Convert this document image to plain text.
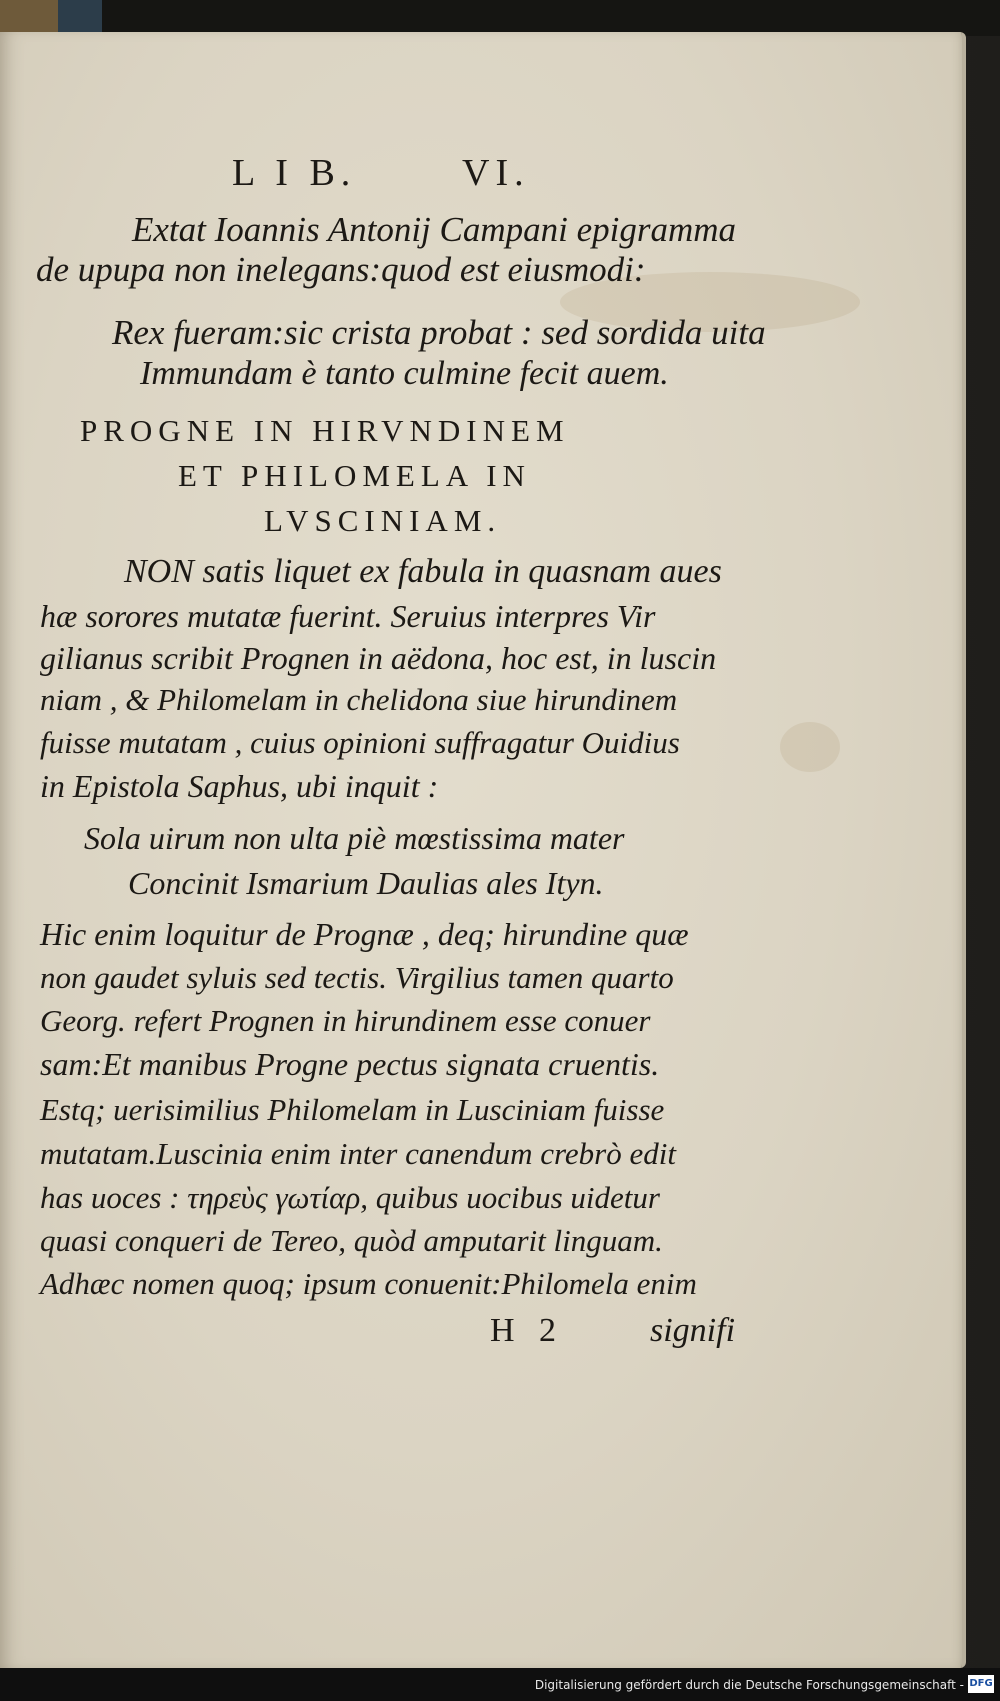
L I B.	VI.
Extat Ioannis Antonij Campani epigramma
de upupa non inelegans:quod est eiusmodi:
Rex fueram:sic crista probat : sed sordida uita
Immundam è tanto culmine fecit auem.
PROGNE IN HIRVNDINEM
ET PHILOMELA IN
LVSCINIAM.
NON satis liquet ex fabula in quasnam aues
hæ sorores mutatæ fuerint. Seruius interpres Vir
gilianus scribit Prognen in aëdona, hoc est, in luscin
niam , & Philomelam in chelidona siue hirundinem
fuisse mutatam , cuius opinioni suffragatur Ouidius
in Epistola Saphus, ubi inquit :
Sola uirum non ulta piè mœstissima mater
Concinit Ismarium Daulias ales Ityn.
Hic enim loquitur de Prognæ , deq; hirundine quæ
non gaudet syluis sed tectis. Virgilius tamen quarto
Georg. refert Prognen in hirundinem esse conuer
sam:Et manibus Progne pectus signata cruentis.
Estq; uerisimilius Philomelam in Lusciniam fuisse
mutatam.Luscinia enim inter canendum crebrò edit
has uoces : τηρεὺς γωτίαρ, quibus uocibus uidetur
quasi conqueri de Tereo, quòd amputarit linguam.
Adhæc nomen quoq; ipsum conuenit:Philomela enim
H 2	signifi
Digitalisierung gefördert durch die Deutsche Forschungsgemeinschaft - DFG
